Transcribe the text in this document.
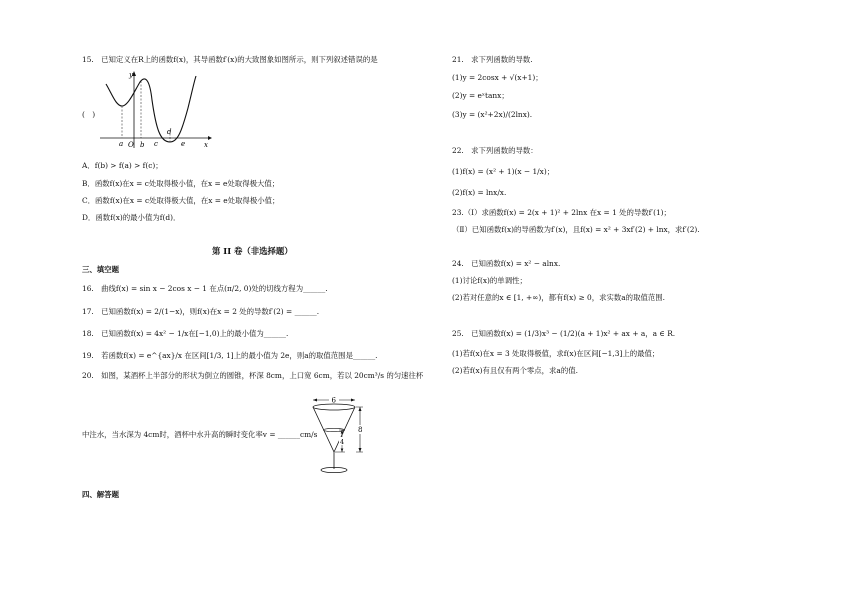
15.　已知定义在R上的函数f(x)，其导函数f′(x)的大致图象如图所示，则下列叙述错误的是
y
x
a O b c
d
e
(　)
A．f(b) > f(a) > f(c)；
B．函数f(x)在x = c处取得极小值，在x = e处取得极大值；
C．函数f(x)在x = c处取得极大值，在x = e处取得极小值；
D．函数f(x)的最小值为f(d)．
第 II 卷（非选择题）
三、填空题
16.　曲线f(x) = sin x − 2cos x − 1 在点(π/2, 0)处的切线方程为______.
17.　已知函数f(x) = 2/(1−x)，则f(x)在x = 2 处的导数f′(2) = ______.
18.　已知函数f(x) = 4x² − 1/x在[−1,0)上的最小值为______.
19.　若函数f(x) = e^{ax}/x 在区间[1/3, 1]上的最小值为 2e，则a的取值范围是______.
20.　如图，某酒杯上半部分的形状为倒立的圆锥，杯深 8cm，上口宽 6cm，若以 20cm³/s 的匀速往杯
6
8
4
中注水，当水深为 4cm时，酒杯中水升高的瞬时变化率v = ______cm/s
四、解答题
21.　求下列函数的导数.
(1)y = 2cosx + √(x+1)；
(2)y = eˣtanx；
(3)y = (x²+2x)/(2lnx).
22.　求下列函数的导数：
(1)f(x) = (x² + 1)(x − 1/x)；
(2)f(x) = lnx/x.
23.（Ⅰ）求函数f(x) = 2(x + 1)² + 2lnx 在x = 1 处的导数f′(1)；
（Ⅱ）已知函数f(x)的导函数为f′(x)，且f(x) = x² + 3xf′(2) + lnx，求f′(2).
24.　已知函数f(x) = x² − alnx.
(1)讨论f(x)的单调性；
(2)若对任意的x ∈ [1, +∞)，都有f(x) ≥ 0，求实数a的取值范围.
25.　已知函数f(x) = (1/3)x³ − (1/2)(a + 1)x² + ax + a，a ∈ R.
(1)若f(x)在x = 3 处取得极值，求f(x)在区间[−1,3]上的最值；
(2)若f(x)有且仅有两个零点，求a的值.
